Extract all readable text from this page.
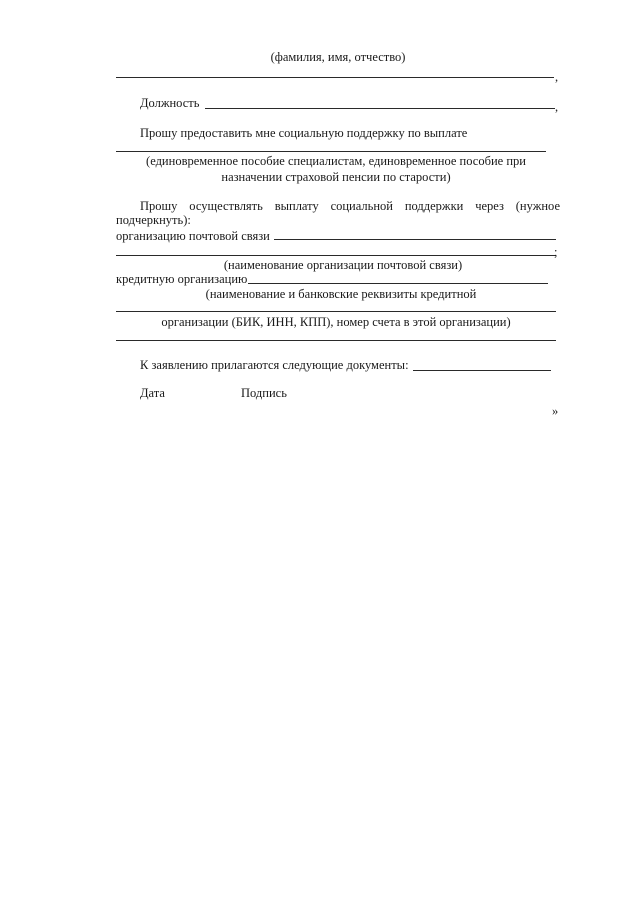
(фамилия, имя, отчество)
,
Должность	,
Прошу предоставить мне социальную поддержку по выплате
(единовременное пособие специалистам, единовременное пособие при
назначении страховой пенсии по старости)
Прошу осуществлять выплату социальной поддержки через (нужное
подчеркнуть):
организацию почтовой связи
;
(наименование организации почтовой связи)
кредитную организацию
(наименование и банковские реквизиты кредитной
организации (БИК, ИНН, КПП), номер счета в этой организации)
К заявлению прилагаются следующие документы:
Дата	Подпись
»
